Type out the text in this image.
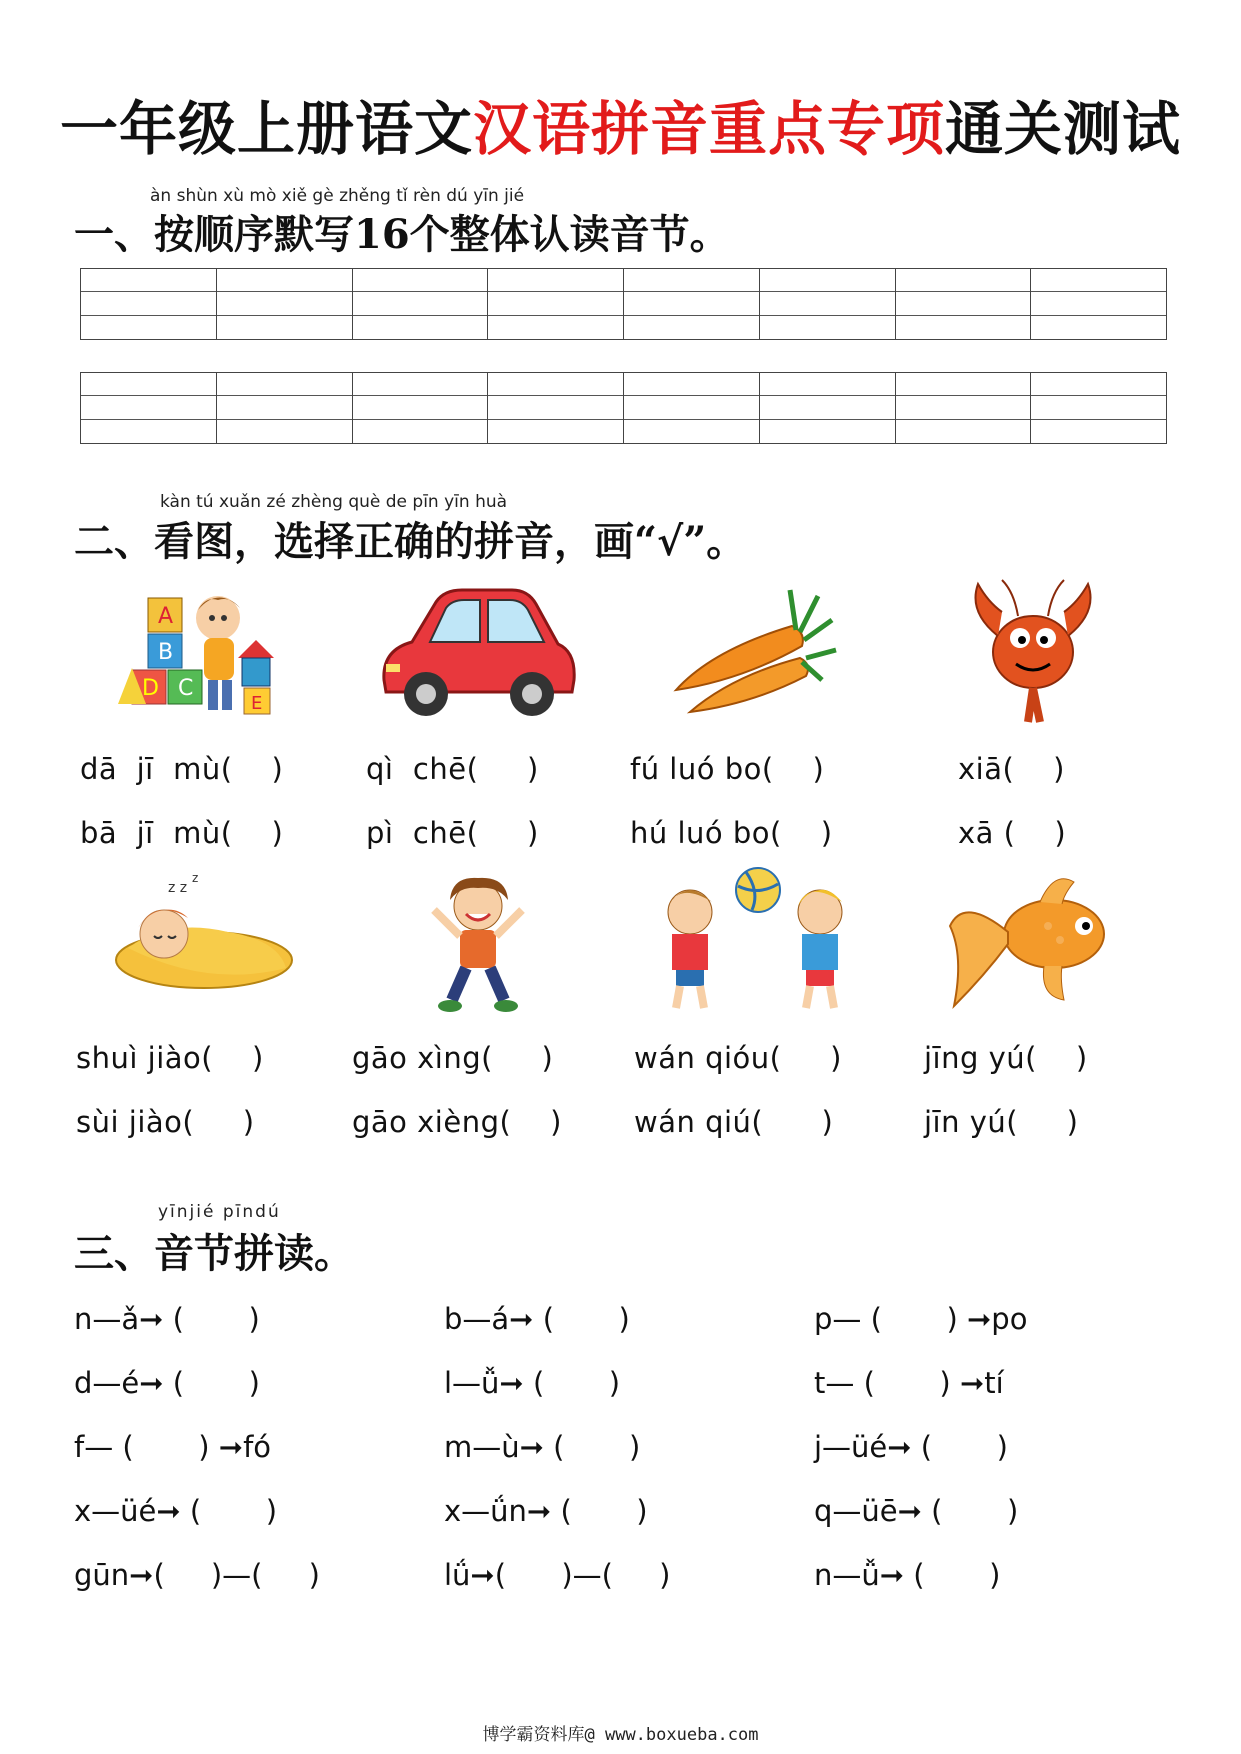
一年级上册语文汉语拼音重点专项通关测试
àn shùn xù mò xiě gè zhěng tǐ rèn dú yīn jié
一、按顺序默写16个整体认读音节。
kàn tú xuǎn zé zhèng què de pīn yīn huà
二、看图，选择正确的拼音，画“√”。
A
B
D C
E
dā  jī  mù(    )
bā  jī  mù(    )
qì  chē(     )
pì  chē(     )
fú luó bo(    )
hú luó bo(    )
xiā(    )
xā (    )
z z
z
shuì jiào(    )
sùi jiào(     )
gāo xìng(     )
gāo xièng(    )
wán qióu(     )
wán qiú(      )
jīng yú(    )
jīn yú(     )
yīnjié pīndú
三、音节拼读。
n—ǎ➞ (       )	b—á➞ (       )	p— (       ) ➞po
d—é➞ (       )	l—ǚ➞ (       )	t— (       ) ➞tí
f— (       ) ➞fó	m—ù➞ (       )	j—üé➞ (       )
x—üé➞ (       )	x—ǘn➞ (       )	q—üē➞ (       )
gūn➞(     )—(     )	lǘ➞(      )—(     )	n—ǚ➞ (       )
博学霸资料库@ www.boxueba.com
